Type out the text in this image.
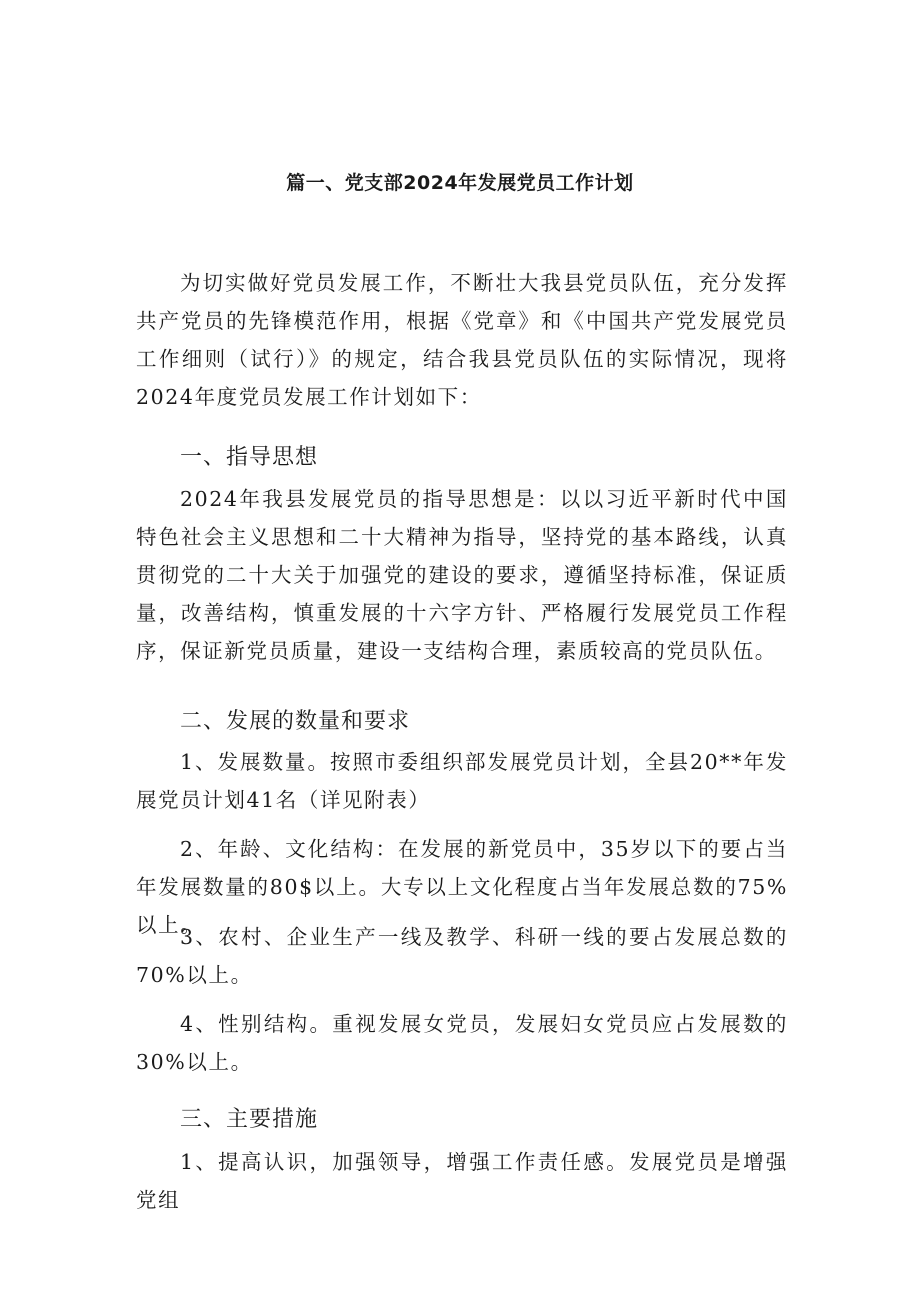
篇一、党支部2024年发展党员工作计划

为切实做好党员发展工作，不断壮大我县党员队伍，充分发挥共产党员的先锋模范作用，根据《党章》和《中国共产党发展党员工作细则（试行）》的规定，结合我县党员队伍的实际情况，现将2024年度党员发展工作计划如下：

一、指导思想

2024年我县发展党员的指导思想是：以以习近平新时代中国特色社会主义思想和二十大精神为指导，坚持党的基本路线，认真贯彻党的二十大关于加强党的建设的要求，遵循坚持标准，保证质量，改善结构，慎重发展的十六字方针、严格履行发展党员工作程序，保证新党员质量，建设一支结构合理，素质较高的党员队伍。

二、发展的数量和要求

1、发展数量。按照市委组织部发展党员计划，全县20**年发展党员计划41名（详见附表）

2、年龄、文化结构：在发展的新党员中，35岁以下的要占当年发展数量的80$以上。大专以上文化程度占当年发展总数的75%以上。

3、农村、企业生产一线及教学、科研一线的要占发展总数的70%以上。

4、性别结构。重视发展女党员，发展妇女党员应占发展数的30%以上。

三、主要措施

1、提高认识，加强领导，增强工作责任感。发展党员是增强党组
